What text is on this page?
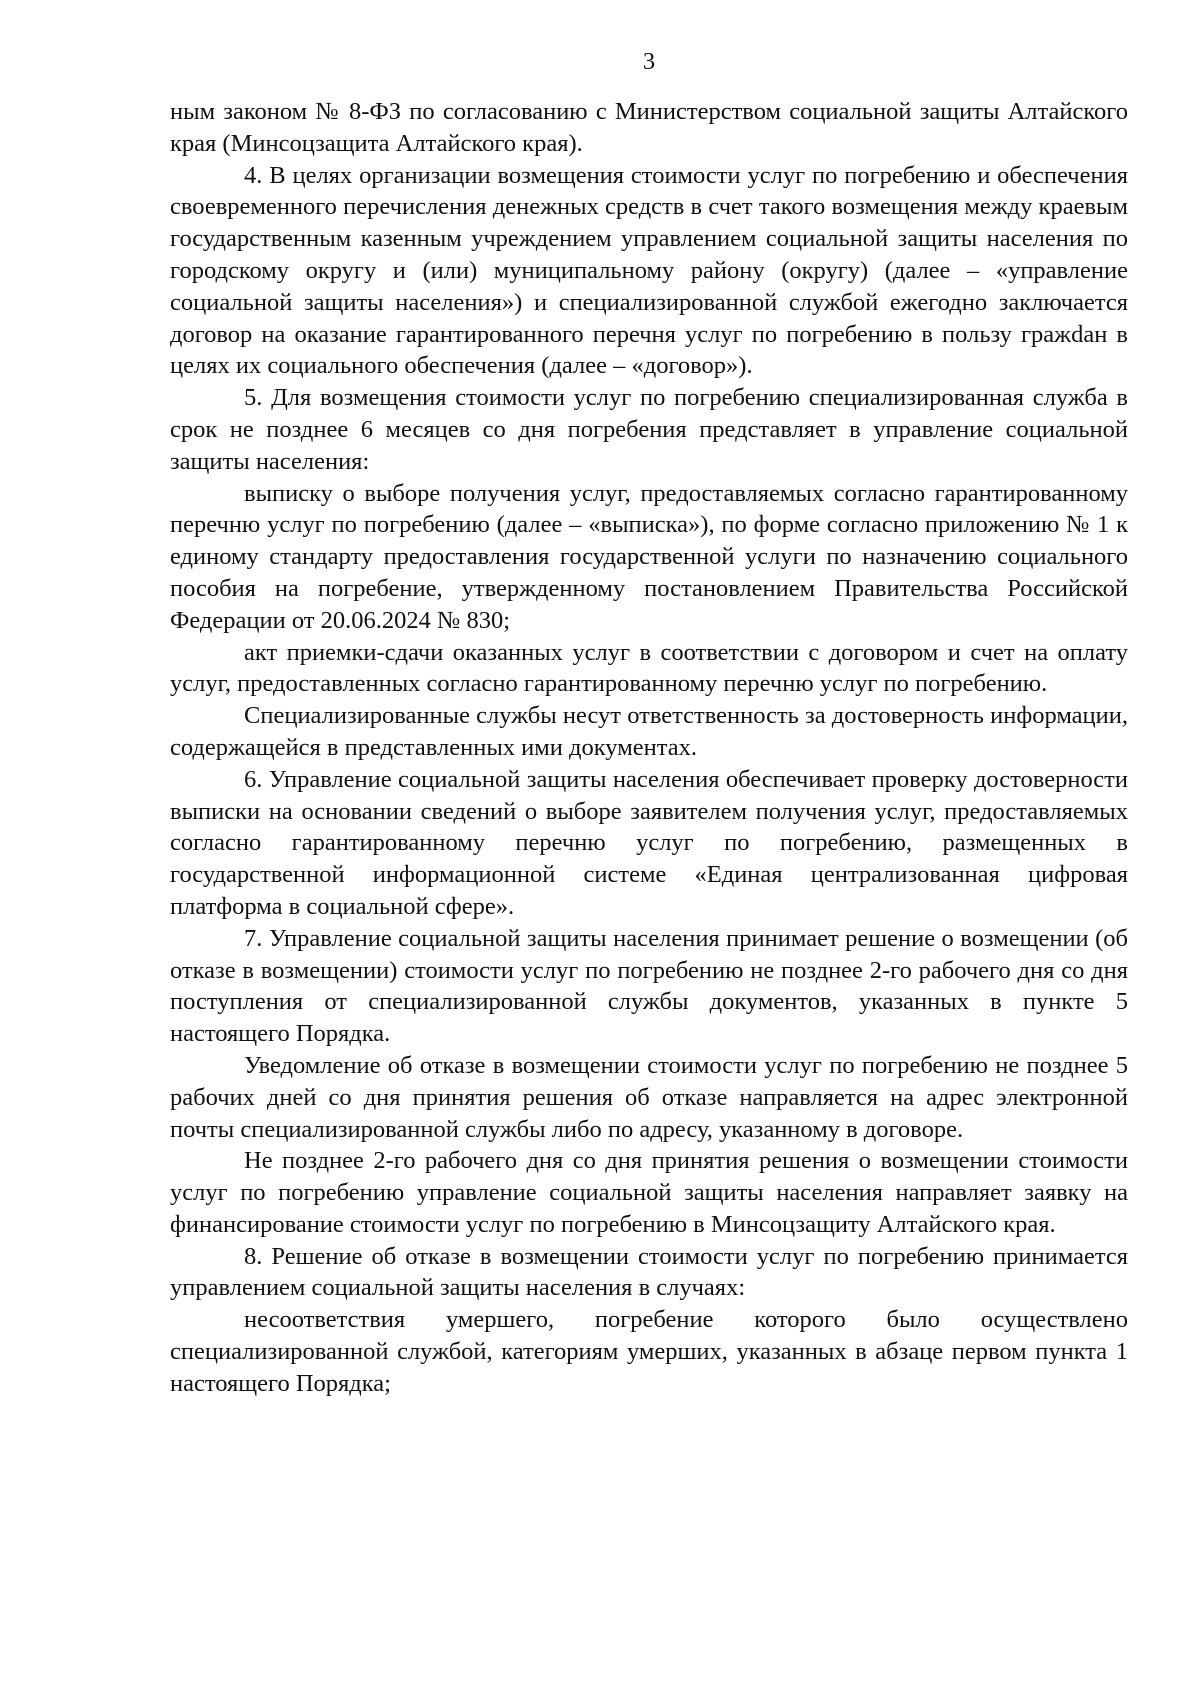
3

ным законом № 8-ФЗ по согласованию с Министерством социальной защиты Алтайского края (Минсоцзащита Алтайского края).

4. В целях организации возмещения стоимости услуг по погребению и обеспечения своевременного перечисления денежных средств в счет такого возмещения между краевым государственным казенным учреждением управлением социальной защиты населения по городскому округу и (или) муниципальному району (округу) (далее – «управление социальной защиты населения») и специализированной службой ежегодно заключается договор на оказание гарантированного перечня услуг по погребению в пользу гражdан в целях их социального обеспечения (далее – «договор»).

5. Для возмещения стоимости услуг по погребению специализированная служба в срок не позднее 6 месяцев со дня погребения представляет в управление социальной защиты населения:

выписку о выборе получения услуг, предоставляемых согласно гарантированному перечню услуг по погребению (далее – «выписка»), по форме согласно приложению № 1 к единому стандарту предоставления государственной услуги по назначению социального пособия на погребение, утвержденному постановлением Правительства Российской Федерации от 20.06.2024 № 830;

акт приемки-сдачи оказанных услуг в соответствии с договором и счет на оплату услуг, предоставленных согласно гарантированному перечню услуг по погребению.

Специализированные службы несут ответственность за достоверность информации, содержащейся в представленных ими документах.

6. Управление социальной защиты населения обеспечивает проверку достоверности выписки на основании сведений о выборе заявителем получения услуг, предоставляемых согласно гарантированному перечню услуг по погребению, размещенных в государственной информационной системе «Единая централизованная цифровая платформа в социальной сфере».

7. Управление социальной защиты населения принимает решение о возмещении (об отказе в возмещении) стоимости услуг по погребению не позднее 2-го рабочего дня со дня поступления от специализированной службы документов, указанных в пункте 5 настоящего Порядка.

Уведомление об отказе в возмещении стоимости услуг по погребению не позднее 5 рабочих дней со дня принятия решения об отказе направляется на адрес электронной почты специализированной службы либо по адресу, указанному в договоре.

Не позднее 2-го рабочего дня со дня принятия решения о возмещении стоимости услуг по погребению управление социальной защиты населения направляет заявку на финансирование стоимости услуг по погребению в Минсоцзащиту Алтайского края.

8. Решение об отказе в возмещении стоимости услуг по погребению принимается управлением социальной защиты населения в случаях:

несоответствия умершего, погребение которого было осуществлено специализированной службой, категориям умерших, указанных в абзаце первом пункта 1 настоящего Порядка;
